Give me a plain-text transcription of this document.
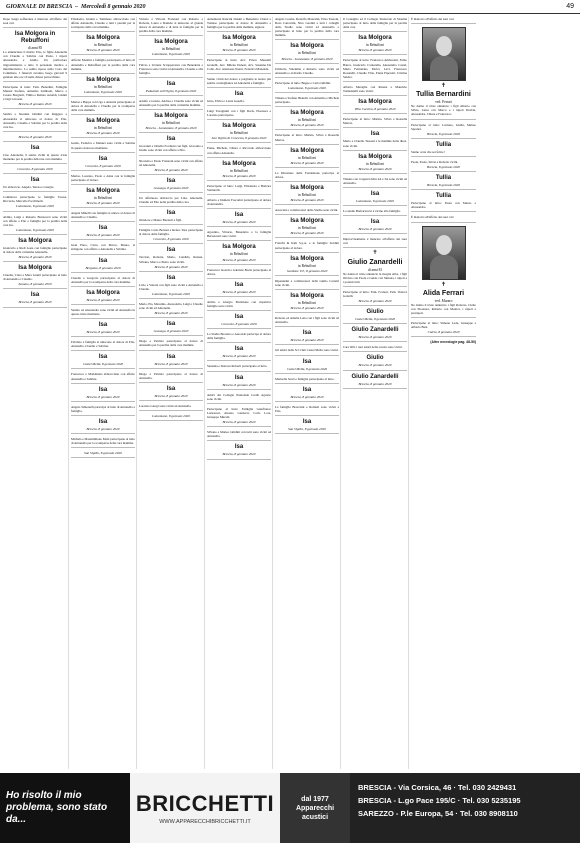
GIORNALE DI BRESCIA  –  Mercoledì 8 gennaio 2020	49
Dopo lunga sofferenza è mancato all'affetto dei suoi cari
Isa Molgora in Rebuffoni
di anni 85
Lo annunciano il marito Elio, le figlie Antonella con Claudio e Sabrina con Paolo, i nipoti Alessandro e Giulia. Un particolare ringraziamento a tutto il personale medico e infermieristico. La salma riposa nella Casa del Commiato. I funerali avranno luogo giovedì 9 gennaio alle ore 10 nella chiesa parrocchiale.
Partecipano al lutto: Fam. Benedini, Famiglie Manesi Stefano, Annalisa Zamboni, Marco e Cesare Borgnoli, Vilma e Renato Arnaldi, Gianni e Gigi Gavazzi.
Brescia, 8 gennaio 2020
Sandra e Susanna Ghidini con Ruggero e Alessandra si uniscono al dolore di Elio, Antonella, Claudia e Sabrina per la perdita della cara Isa.
Brescia, 8 gennaio 2020
Isa
Ciao Antonella, ti siamo vicini in questo triste momento per la perdita della tua cara mamma.
Concesio, 8 gennaio 2020
Isa
Un abbraccio. Angela, Teresa e Giorgio.
Commossi partecipano le famiglie Teresa, Riccardo, Marcello Facchinetti.
Lumezzane, 8 gennaio 2020
Aldina, Luigi e Roberto Bonacorsi sono vicini con affetto a Elio e famiglia per la perdita della cara Isa.
Lumezzane, 8 gennaio 2020
Isa Molgora
Giancarlo e Rudi Gaza con famiglie partecipano al dolore della carissima Antonella.
Brescia, 8 gennaio 2020
Isa Molgora
Claudia, Clara e Mara Gnutti partecipano al lutto di Antonella e Claudio.
Zanano, 8 gennaio 2020
Isa
Brescia, 8 gennaio 2020
Elisabetta, Gianni e Tommaso abbracciano con affetto Antonella, Claudio e tutti i parenti per la scomparsa della cara mamma.
Isa Molgora
in Rebuffoni
Brescia, 8 gennaio 2020
Alfredo Mostini e famiglia partecipano al lutto di Antonella e Rebuffoni per la perdita della cara mamma.
Isa Molgora
in Rebuffoni
Lumezzane, 8 gennaio 2020
Marisa e Beppe con Ugo e Antonia partecipano al dolore di Antonella e Claudio per la scomparsa della cara mamma.
Isa Molgora
in Rebuffoni
Brescia, 8 gennaio 2020
Guido, Federica e Manuel sono vicini a Sabrina in questo doloroso momento.
Isa
Concesio, 8 gennaio 2020
Marisa, Lorenzo, Paolo e Anna con le famiglie partecipano al dolore.
Isa Molgora
in Rebuffoni
Brescia, 8 gennaio 2020
Angela Minelli con famiglia si unisce al dolore di Antonella e Claudio.
Isa
Brescia, 8 gennaio 2020
Gian Piero, Clara, con Marco, Mauro, si stringono con affetto a Antonella e Sabrina.
Isa
Bergamo, 8 gennaio 2020
Claudia e Gregorio partecipano al dolore di Antonella per la scomparsa della cara mamma.
Isa Molgora
Brescia, 8 gennaio 2020
Sandro ed Alessandro sono vicini ad Antonella in questo triste momento.
Isa
Brescia, 8 gennaio 2020
Fabrizio e famiglia si uniscono al dolore di Elio, Antonella, Claudio e Sabrina.
Isa
Castel Mella, 8 gennaio 2020
Francesco e Maddalena abbracciano con affetto Antonella e Sabrina.
Isa
Brescia, 8 gennaio 2020
Angelo Simonelli partecipa al lutto di Antonella e famiglia.
Isa
Brescia, 8 gennaio 2020
Michela e Massimiliano Molè partecipano al lutto di Antonella per la scomparsa della cara mamma.
San Vigilio, 8 gennaio 2020
Vittorio e Vittoria Franzoni con Roberto e Roberta, Laura e Daniele si uniscono al grande dolore di Antonella e di tutta la famiglia per la perdita della cara mamma.
Isa Molgora
in Rebuffoni
Lumezzane, 8 gennaio 2020
Fulvio e Liviana Scrappavarza con Benedetta e Francesca sono vicini ad Antonella, Claudio e alla famiglia.
Isa
Palazzolo sull'Oglio, 8 gennaio 2020
Adolfo e Grazia, Andrea e Claudia sono vicini ad Antonella per la perdita della carissima mamma.
Isa Molgora
in Rebuffoni
Brescia - Lumezzane, 8 gennaio 2020
Isa
Giovanni e Ornella Fordioni con figli, Giacomo e Giulio sono vicini con affetto a Elio.
Nicoletta e Paolo Franzoni sono vicini con affetto ad Antonella.
Brescia, 8 gennaio 2020
Isa
Gussago, 8 gennaio 2020
Un affettuoso abbraccio per Lina, Antonella, Claudio ed Elio nella perdita della cara
Isa
Ornelore e Mauro Baratoli e figli.
Famiglia Carlo Bettoni e Renzo Tura partecipano al dolore della famiglia.
Concesio, 8 gennaio 2020
Isa
Tarcisio, Roberta, Mario, Candida, Renata, Silvana, Marco e Pietro sono vicini.
Brescia, 8 gennaio 2020
Isa
Livio e Valeria con figli sono vicini a Antonella e Claudio.
Lumezzane, 8 gennaio 2020
Mario, Pia, Massimo, Alessandra, Luigi e Claudio sono vicini ad Antonella.
Brescia, 8 gennaio 2020
Isa
Gussago, 8 gennaio 2020
Diego e Patrizia partecipano al dolore di Antonella per la perdita della cara mamma.
Isa
Brescia, 8 gennaio 2020
Diego e Patrizia partecipano al dolore di Antonella.
Isa
Brescia, 8 gennaio 2020
Lorenzo Giorgi sono vicini ad Antonella.
Lumezzane, 8 gennaio 2020
Annamaria Rancini Dusini e Benedetto Chiosi e Tomaso partecipano al dolore di Antonella e famiglia per la perdita della mamma, signora
Isa Molgora
in Rebuffoni
Brescia, 8 gennaio 2020
Partecipano al lutto: Avv. Prisco Maurelli Granelli, Avv. Milena Danesi, Avv. Susanna De Colle, Avv. Anastasio Nastri, Federica Maxenda.
Siamo vicini nel dolore e porgiamo le nostre più sentite condoglianze ad Antonella e famiglia.
Isa
Gino, Elvira e Laura Gusella.
Luigi Tavagnutti con i figli Doris, Eleonora e Lorenzo partecipano.
Isa Molgora
in Rebuffoni
San Vigilio di Concesio, 8 gennaio 2020
Elena, Michele, Chiara e Riccardo abbracciano con affetto Antonella.
Isa Molgora
in Rebuffoni
Brescia, 8 gennaio 2020
Partecipano al lutto: Luigi, Elisabetta e Barbara Venturelli.
Alberto e Daniela Foscarini partecipano al dolore di Antonella.
Isa
Brescia, 8 gennaio 2020
Agostino, Vittorio, Benedetto e la famiglia Bertazzoni sono vicini.
Isa Molgora
in Rebuffoni
Brescia, 8 gennaio 2020
Francesco Isoardi e Gabriele Bozzi partecipano al dolore.
Isa
Brescia, 8 gennaio 2020
Attilio e Giorgio Mattelone con rispettive famiglie sono vicini.
Isa
Concesio, 8 gennaio 2020
Lo Studio Boaretto e Associati partecipa al dolore della famiglia.
Isa
Brescia, 8 gennaio 2020
Susanna e Dolores Roberti partecipano al lutto.
Isa
Brescia, 8 gennaio 2020
Amici del Collegio Nazionale Credit Agrario sono vicini.
Partecipano al lutto: Famiglia Gianfranco Lazzaroni, Alessio Ganzerri, Carlo Lora, Giuseppe Muratti.
Brescia, 8 gennaio 2020
Silvano e Matteo Ghidini con tutti sono vicini ad Antonella.
Isa
Brescia, 8 gennaio 2020
Angelo Cosma, Rodolfo Mazzanti, Elisa Tassoni, Rosa Cancarini, Nico Gaolini e tutti i colleghi dello Studio sono vicini ad Antonella e partecipano al lutto per la perdita della cara mamma.
Isa Molgora
in Rebuffoni
Brescia - Lumezzane, 8 gennaio 2020
Umberto, Valentina e Roberto sono vicini ad Antonella e al marito Claudio.
Partecipano al lutto: Beppe e Carla Ghidini.
Lumezzane, 8 gennaio 2020
Tiziana e Stefano Bianchi con Annalisa e Michele partecipano.
Isa Molgora
in Rebuffoni
Brescia, 8 gennaio 2020
Partecipano al lutto: Marina, Silvia e Rossella Marras.
Isa Molgora
in Rebuffoni
Brescia, 8 gennaio 2020
La Direzione della Fondazione partecipa al dolore.
Isa Molgora
in Rebuffoni
Brescia, 8 gennaio 2020
Associati e collaboratori dello Studio sono vicini.
Isa Molgora
in Rebuffoni
Brescia, 8 gennaio 2020
Franchi & Kim S.p.A. e le famiglie Zoldini partecipano al dolore.
Isa Molgora
in Rebuffoni
Gardone V.T., 8 gennaio 2020
Dipendenti e collaboratori della Giulio Carretti sono vicini.
Isa Molgora
in Rebuffoni
Brescia, 8 gennaio 2020
Roberto ed Amalia Lena con i figli sono vicini ad Antonella.
Isa
Brescia, 8 gennaio 2020
Gli amici della Sci Club Castel Mella sono vicini.
Isa
Castel Mella, 8 gennaio 2020
Marisella Sorzi e famiglia partecipano al lutto.
Isa
Brescia, 8 gennaio 2020
La famiglia Bresciani e Robusti sono vicini a Elio.
Isa
San Vigilio, 8 gennaio 2020
Il Consiglio ed il Collegio Sindacale di Sistema partecipano al lutto della famiglia per la perdita della cara
Isa Molgora
in Rebuffoni
Brescia, 8 gennaio 2020
Partecipano al lutto: Francesco Ambrosini, Fabio Banca, Giancarlo Carnarella, Alessandro Castel, Maria Fernandes, Enrico Levi, Francesco Rosanelli, Claudio Vitto, Elena Piperotti, Cristina Saletta.
Alberta Maraglia con Renata e Maurizio Tomasinelli sono vicini.
Isa Molgora
Villa Carcina, 8 gennaio 2020
Partecipano al lutto: Marina, Silvia e Rossella Marras.
Isa
Mario e Claudio Tassoni e le mamme della direz. sono vicini.
Isa Molgora
in Rebuffoni
Brescia, 8 gennaio 2020
Tiziana con i ragazzi della 2A e 3A sono vicini ad Antonella.
Isa
Lumezzane, 8 gennaio 2020
Lo studio Barbariscevi è vicino alla famiglia.
Isa
Brescia, 8 gennaio 2020
Improvvisamente è mancato all'affetto dei suoi cari
✝
Giulio Zanardelli
di anni 81
Ne danno il triste annuncio la moglie Alba, i figli Ottavio con Paola e Guido con Simona, i nipoti e i parenti tutti.
Partecipano al lutto: Fam. Fornari, Fam. Vedova Gattelli.
Brescia, 8 gennaio 2020
Giulio
Castel Mella, 8 gennaio 2020
Giulio Zanardelli
Brescia, 8 gennaio 2020
Cara Olli, i tuoi amici della scuola sono vicini.
Giulio
Brescia, 8 gennaio 2020
Giulio Zanardelli
Brescia, 8 gennaio 2020
È mancato all'affetto dei suoi cari
✝
Tullia Bernardini
ved. Ferrari
Ne danno il triste annuncio i figli Alberto con Silvia, Luisa con Marco e i nipoti Davide, Alessandra, Chiara e Francesco.
Partecipano al lutto: Luciano, Giulia, Matteo Spranzi.
Brescia, 8 gennaio 2020
Tullia
Siamo certe che sei felice!
Paola, Paolo, Silvia e Roberto vicini.
Brescia, 8 gennaio 2020
Tullia
Brescia, 8 gennaio 2020
Tullia
Partecipano al lutto: Paola con Mauro e Alessandro.
È mancata all'affetto dei suoi cari
✝
Alida Ferrari
ved. Muraro
Ne danno il triste annuncio i figli Roberto, Clelio con Eleonora, Roberto con Monica, i nipoti e pronipoti.
Partecipano al lutto: Simone Leda, Giuseppe e Alberto Basi.
Calcio, 8 gennaio 2020
(Altre necrologie pag. 48-50)
Ho risolto il mio problema, sono stato da...
BRICCHETTI
WWW.APPARECCHIBRICCHETTI.IT
dal 1977
Apparecchi
acustici
BRESCIA - Via Corsica, 46 · Tel. 030 2429431
BRESCIA - L.go Pace 195/C · Tel. 030 5235195
SAREZZO - P.le Europa, 54 · Tel. 030 8908110
